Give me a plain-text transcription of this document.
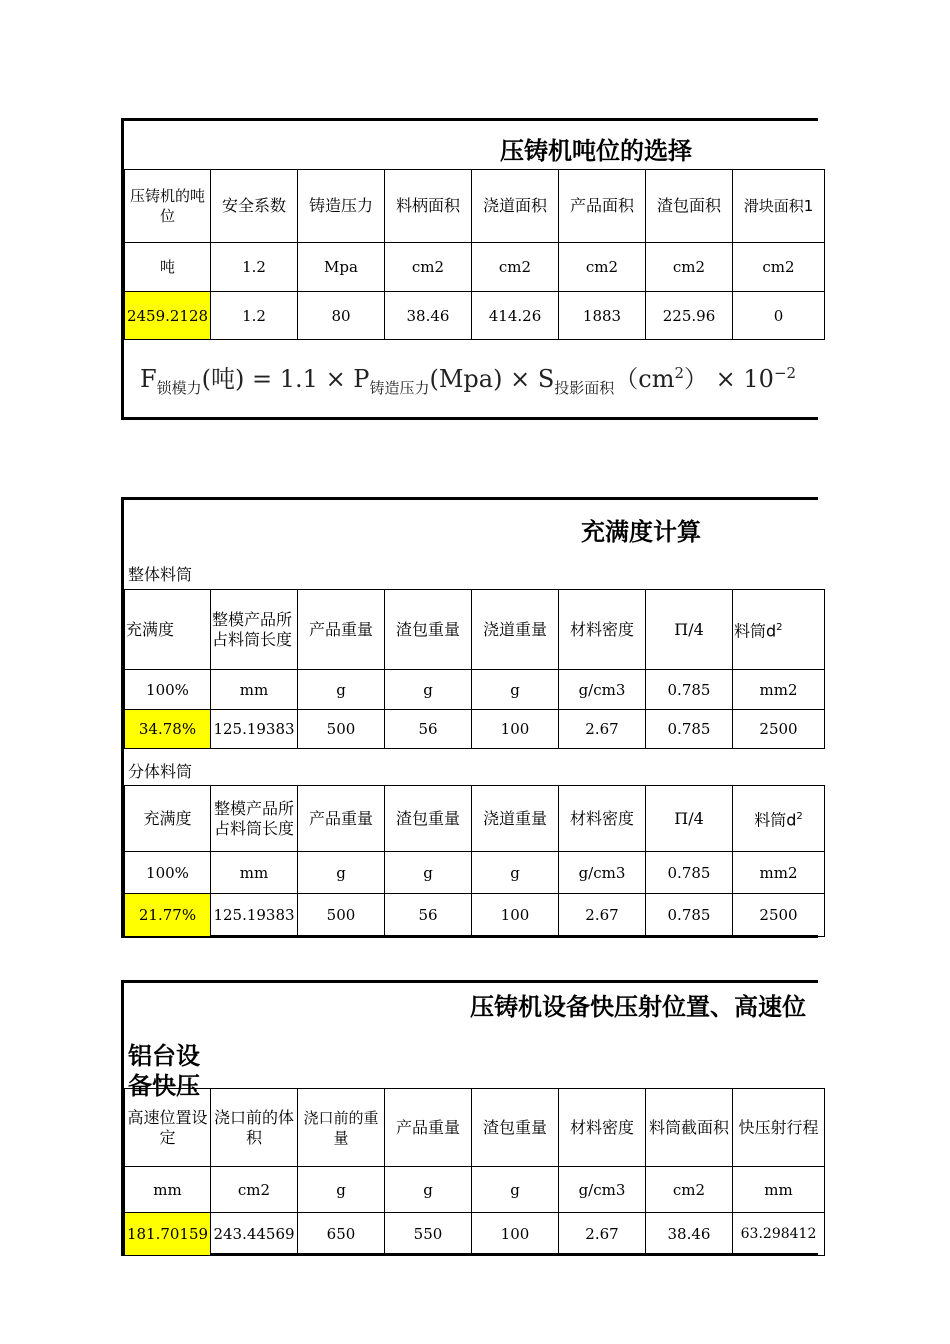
压铸机吨位的选择
压铸机的吨位	安全系数	铸造压力	料柄面积	浇道面积	产品面积	渣包面积	滑块面积1
吨	1.2	Mpa	cm2	cm2	cm2	cm2	cm2
2459.2128	1.2	80	38.46	414.26	1883	225.96	0
$F_{锁模力}$(吨) = $1.1 \times P_{铸造压力}(Mpa) \times S_{投影面积}(cm^2) \times 10^{-2}$
充满度计算
整体料筒
充满度	整模产品所占料筒长度	产品重量	渣包重量	浇道重量	材料密度	Π/4	料筒$d^2$
100%	mm	g	g	g	g/cm3	0.785	mm2
34.78%	125.19383	500	56	100	2.67	0.785	2500
分体料筒
充满度	整模产品所占料筒长度	产品重量	渣包重量	浇道重量	材料密度	Π/4	料筒$d^2$
100%	mm	g	g	g	g/cm3	0.785	mm2
21.77%	125.19383	500	56	100	2.67	0.785	2500
压铸机设备快压射位置、高速位
铝台设备快压
高速位置设定	浇口前的体积	浇口前的重量	产品重量	渣包重量	材料密度	料筒截面积	快压射行程
mm	cm2	g	g	g	g/cm3	cm2	mm
181.70159	243.44569	650	550	100	2.67	38.46	63.298412
